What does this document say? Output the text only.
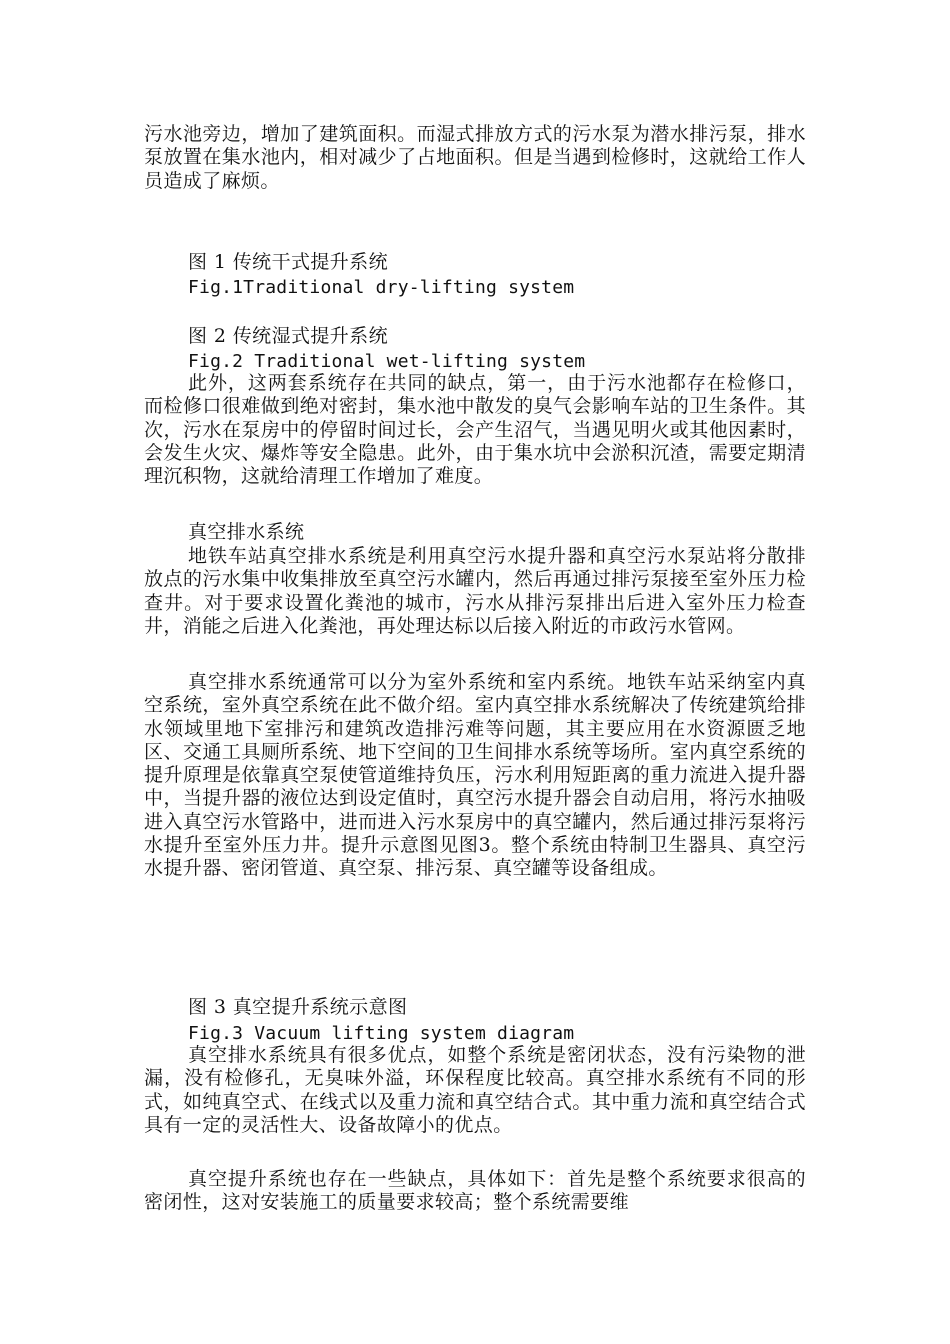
污水池旁边，增加了建筑面积。而湿式排放方式的污水泵为潜水排污泵，排水泵放置在集水池内，相对减少了占地面积。但是当遇到检修时，这就给工作人员造成了麻烦。

图 1 传统干式提升系统

Fig.1Traditional dry-lifting system

图 2 传统湿式提升系统

Fig.2 Traditional wet-lifting system

此外，这两套系统存在共同的缺点，第一，由于污水池都存在检修口，而检修口很难做到绝对密封，集水池中散发的臭气会影响车站的卫生条件。其次，污水在泵房中的停留时间过长，会产生沼气，当遇见明火或其他因素时，会发生火灾、爆炸等安全隐患。此外，由于集水坑中会淤积沉渣，需要定期清理沉积物，这就给清理工作增加了难度。

真空排水系统

地铁车站真空排水系统是利用真空污水提升器和真空污水泵站将分散排放点的污水集中收集排放至真空污水罐内，然后再通过排污泵接至室外压力检查井。对于要求设置化粪池的城市，污水从排污泵排出后进入室外压力检查井，消能之后进入化粪池，再处理达标以后接入附近的市政污水管网。

真空排水系统通常可以分为室外系统和室内系统。地铁车站采纳室内真空系统，室外真空系统在此不做介绍。室内真空排水系统解决了传统建筑给排水领域里地下室排污和建筑改造排污难等问题，其主要应用在水资源匮乏地区、交通工具厕所系统、地下空间的卫生间排水系统等场所。室内真空系统的提升原理是依靠真空泵使管道维持负压，污水利用短距离的重力流进入提升器中，当提升器的液位达到设定值时，真空污水提升器会自动启用，将污水抽吸进入真空污水管路中，进而进入污水泵房中的真空罐内，然后通过排污泵将污水提升至室外压力井。提升示意图见图3。整个系统由特制卫生器具、真空污水提升器、密闭管道、真空泵、排污泵、真空罐等设备组成。

图 3 真空提升系统示意图

Fig.3 Vacuum lifting system diagram

真空排水系统具有很多优点，如整个系统是密闭状态，没有污染物的泄漏，没有检修孔，无臭味外溢，环保程度比较高。真空排水系统有不同的形式，如纯真空式、在线式以及重力流和真空结合式。其中重力流和真空结合式具有一定的灵活性大、设备故障小的优点。

真空提升系统也存在一些缺点，具体如下：首先是整个系统要求很高的密闭性，这对安装施工的质量要求较高；整个系统需要维
